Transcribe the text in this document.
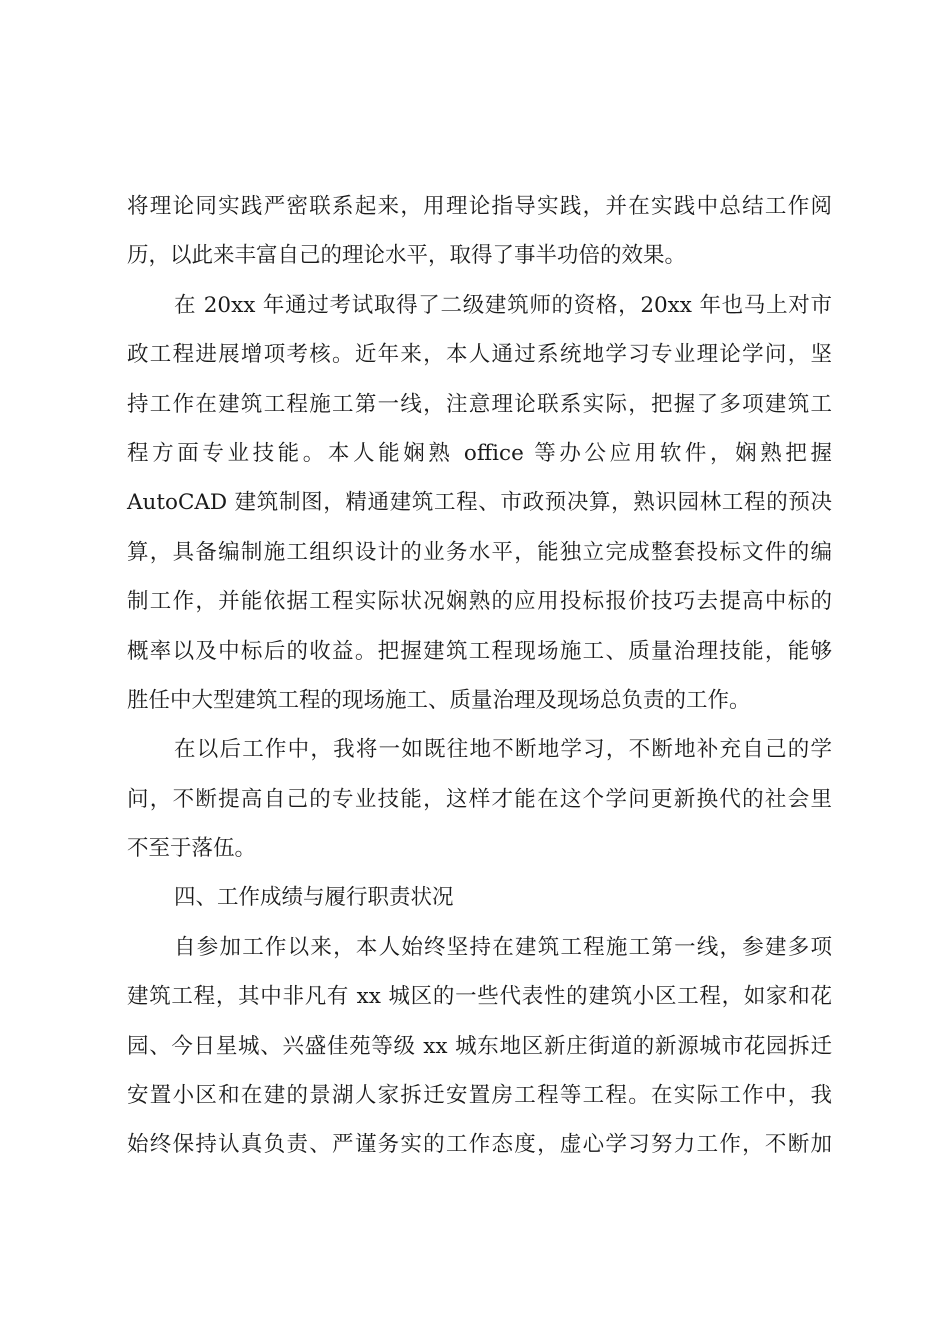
将理论同实践严密联系起来，用理论指导实践，并在实践中总结工作阅
历，以此来丰富自己的理论水平，取得了事半功倍的效果。
在 20xx 年通过考试取得了二级建筑师的资格，20xx 年也马上对市
政工程进展增项考核。近年来，本人通过系统地学习专业理论学问，坚
持工作在建筑工程施工第一线，注意理论联系实际，把握了多项建筑工
程方面专业技能。本人能娴熟 office 等办公应用软件，娴熟把握
AutoCAD 建筑制图，精通建筑工程、市政预决算，熟识园林工程的预决
算，具备编制施工组织设计的业务水平，能独立完成整套投标文件的编
制工作，并能依据工程实际状况娴熟的应用投标报价技巧去提高中标的
概率以及中标后的收益。把握建筑工程现场施工、质量治理技能，能够
胜任中大型建筑工程的现场施工、质量治理及现场总负责的工作。
在以后工作中，我将一如既往地不断地学习，不断地补充自己的学
问，不断提高自己的专业技能，这样才能在这个学问更新换代的社会里
不至于落伍。
四、工作成绩与履行职责状况
自参加工作以来，本人始终坚持在建筑工程施工第一线，参建多项
建筑工程，其中非凡有 xx 城区的一些代表性的建筑小区工程，如家和花
园、今日星城、兴盛佳苑等级 xx 城东地区新庄街道的新源城市花园拆迁
安置小区和在建的景湖人家拆迁安置房工程等工程。在实际工作中，我
始终保持认真负责、严谨务实的工作态度，虚心学习努力工作，不断加
